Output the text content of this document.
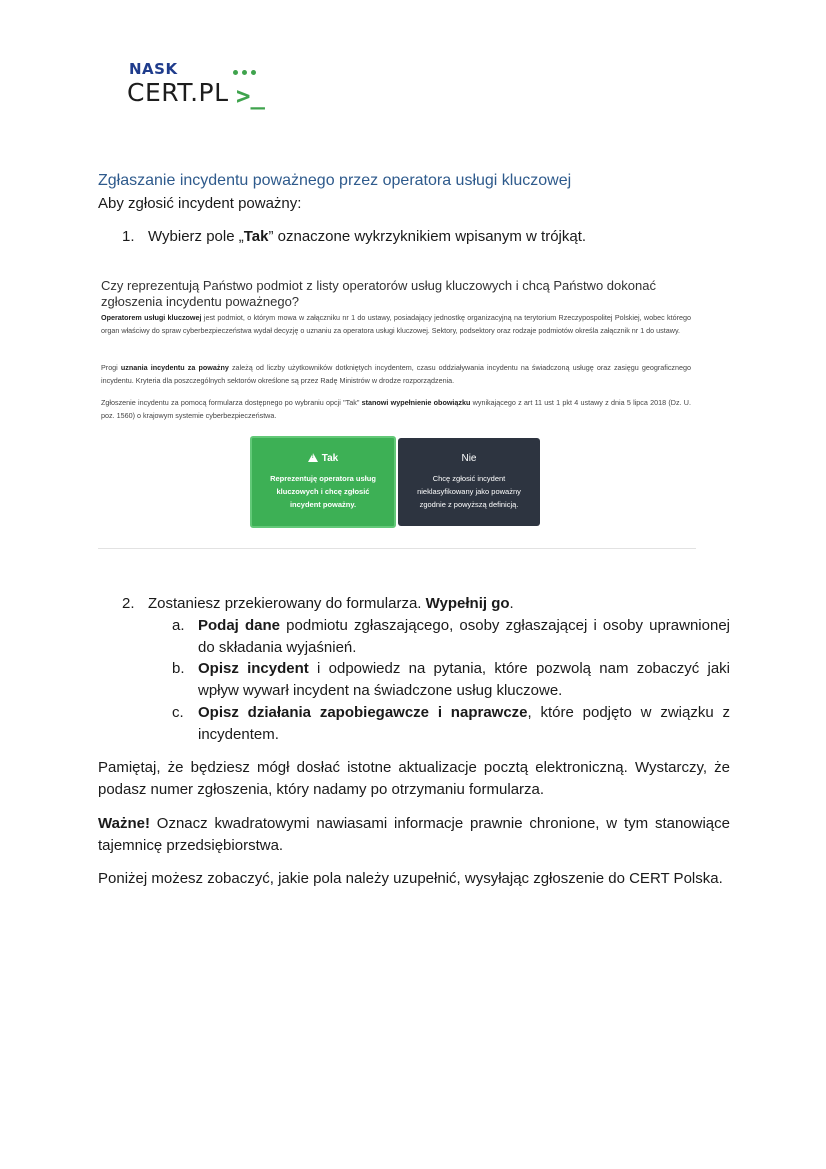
NASK
CERT.PL >_
Zgłaszanie incydentu poważnego przez operatora usługi kluczowej
Aby zgłosić incydent poważny:
1. Wybierz pole „Tak” oznaczone wykrzyknikiem wpisanym w trójkąt.
Czy reprezentują Państwo podmiot z listy operatorów usług kluczowych i chcą Państwo dokonać zgłoszenia incydentu poważnego?
Operatorem usługi kluczowej jest podmiot, o którym mowa w załączniku nr 1 do ustawy, posiadający jednostkę organizacyjną na terytorium Rzeczypospolitej Polskiej, wobec którego organ właściwy do spraw cyberbezpieczeństwa wydał decyzję o uznaniu za operatora usługi kluczowej. Sektory, podsektory oraz rodzaje podmiotów określa załącznik nr 1 do ustawy.
Progi uznania incydentu za poważny zależą od liczby użytkowników dotkniętych incydentem, czasu oddziaływania incydentu na świadczoną usługę oraz zasięgu geograficznego incydentu. Kryteria dla poszczególnych sektorów określone są przez Radę Ministrów w drodze rozporządzenia.
Zgłoszenie incydentu za pomocą formularza dostępnego po wybraniu opcji "Tak" stanowi wypełnienie obowiązku wynikającego z art 11 ust 1 pkt 4 ustawy z dnia 5 lipca 2018 (Dz. U. poz. 1560) o krajowym systemie cyberbezpieczeństwa.
!Tak
Reprezentuję operatora usług kluczowych i chcę zgłosić incydent poważny.
Nie
Chcę zgłosić incydent nieklasyfikowany jako poważny zgodnie z powyższą definicją.
2. Zostaniesz przekierowany do formularza. Wypełnij go.
a. Podaj dane podmiotu zgłaszającego, osoby zgłaszającej i osoby uprawnionej do składania wyjaśnień.
b. Opisz incydent i odpowiedz na pytania, które pozwolą nam zobaczyć jaki wpływ wywarł incydent na świadczone usług kluczowe.
c. Opisz działania zapobiegawcze i naprawcze, które podjęto w związku z incydentem.
Pamiętaj, że będziesz mógł dosłać istotne aktualizacje pocztą elektroniczną. Wystarczy, że podasz numer zgłoszenia, który nadamy po otrzymaniu formularza.
Ważne! Oznacz kwadratowymi nawiasami informacje prawnie chronione, w tym stanowiące tajemnicę przedsiębiorstwa.
Poniżej możesz zobaczyć, jakie pola należy uzupełnić, wysyłając zgłoszenie do CERT Polska.
